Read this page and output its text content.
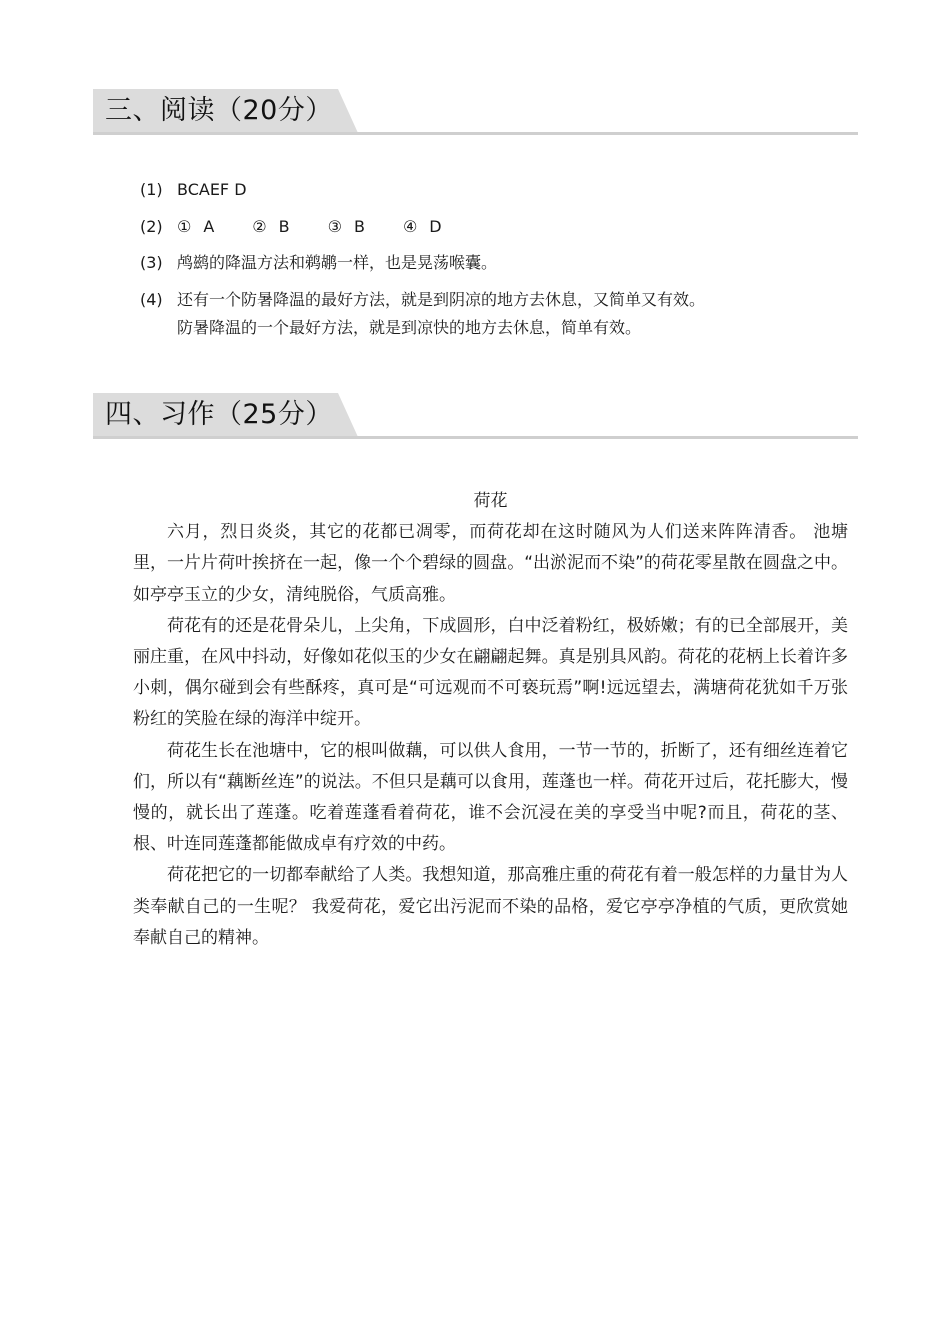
三、阅读（20分）
(1) BCAEF D
(2) ① A ② B ③ B ④ D
(3) 鸬鹚的降温方法和鹈鹕一样，也是晃荡喉囊。
(4) 还有一个防暑降温的最好方法，就是到阴凉的地方去休息，又简单又有效。
防暑降温的一个最好方法，就是到凉快的地方去休息，简单有效。
四、习作（25分）
荷花

六月，烈日炎炎，其它的花都已凋零，而荷花却在这时随风为人们送来阵阵清香。 池塘里，一片片荷叶挨挤在一起，像一个个碧绿的圆盘。“出淤泥而不染”的荷花零星散在圆盘之中。如亭亭玉立的少女，清纯脱俗，气质高雅。

荷花有的还是花骨朵儿，上尖角，下成圆形，白中泛着粉红，极娇嫩；有的已全部展开，美丽庄重，在风中抖动，好像如花似玉的少女在翩翩起舞。真是别具风韵。荷花的花柄上长着许多小刺，偶尔碰到会有些酥疼，真可是“可远观而不可亵玩焉”啊!远远望去，满塘荷花犹如千万张粉红的笑脸在绿的海洋中绽开。

荷花生长在池塘中，它的根叫做藕，可以供人食用，一节一节的，折断了，还有细丝连着它们，所以有“藕断丝连”的说法。不但只是藕可以食用，莲蓬也一样。荷花开过后，花托膨大，慢慢的，就长出了莲蓬。吃着莲蓬看着荷花，谁不会沉浸在美的享受当中呢?而且，荷花的茎、根、叶连同莲蓬都能做成卓有疗效的中药。

荷花把它的一切都奉献给了人类。我想知道，那高雅庄重的荷花有着一般怎样的力量甘为人类奉献自己的一生呢？ 我爱荷花，爱它出污泥而不染的品格，爱它亭亭净植的气质，更欣赏她奉献自己的精神。
